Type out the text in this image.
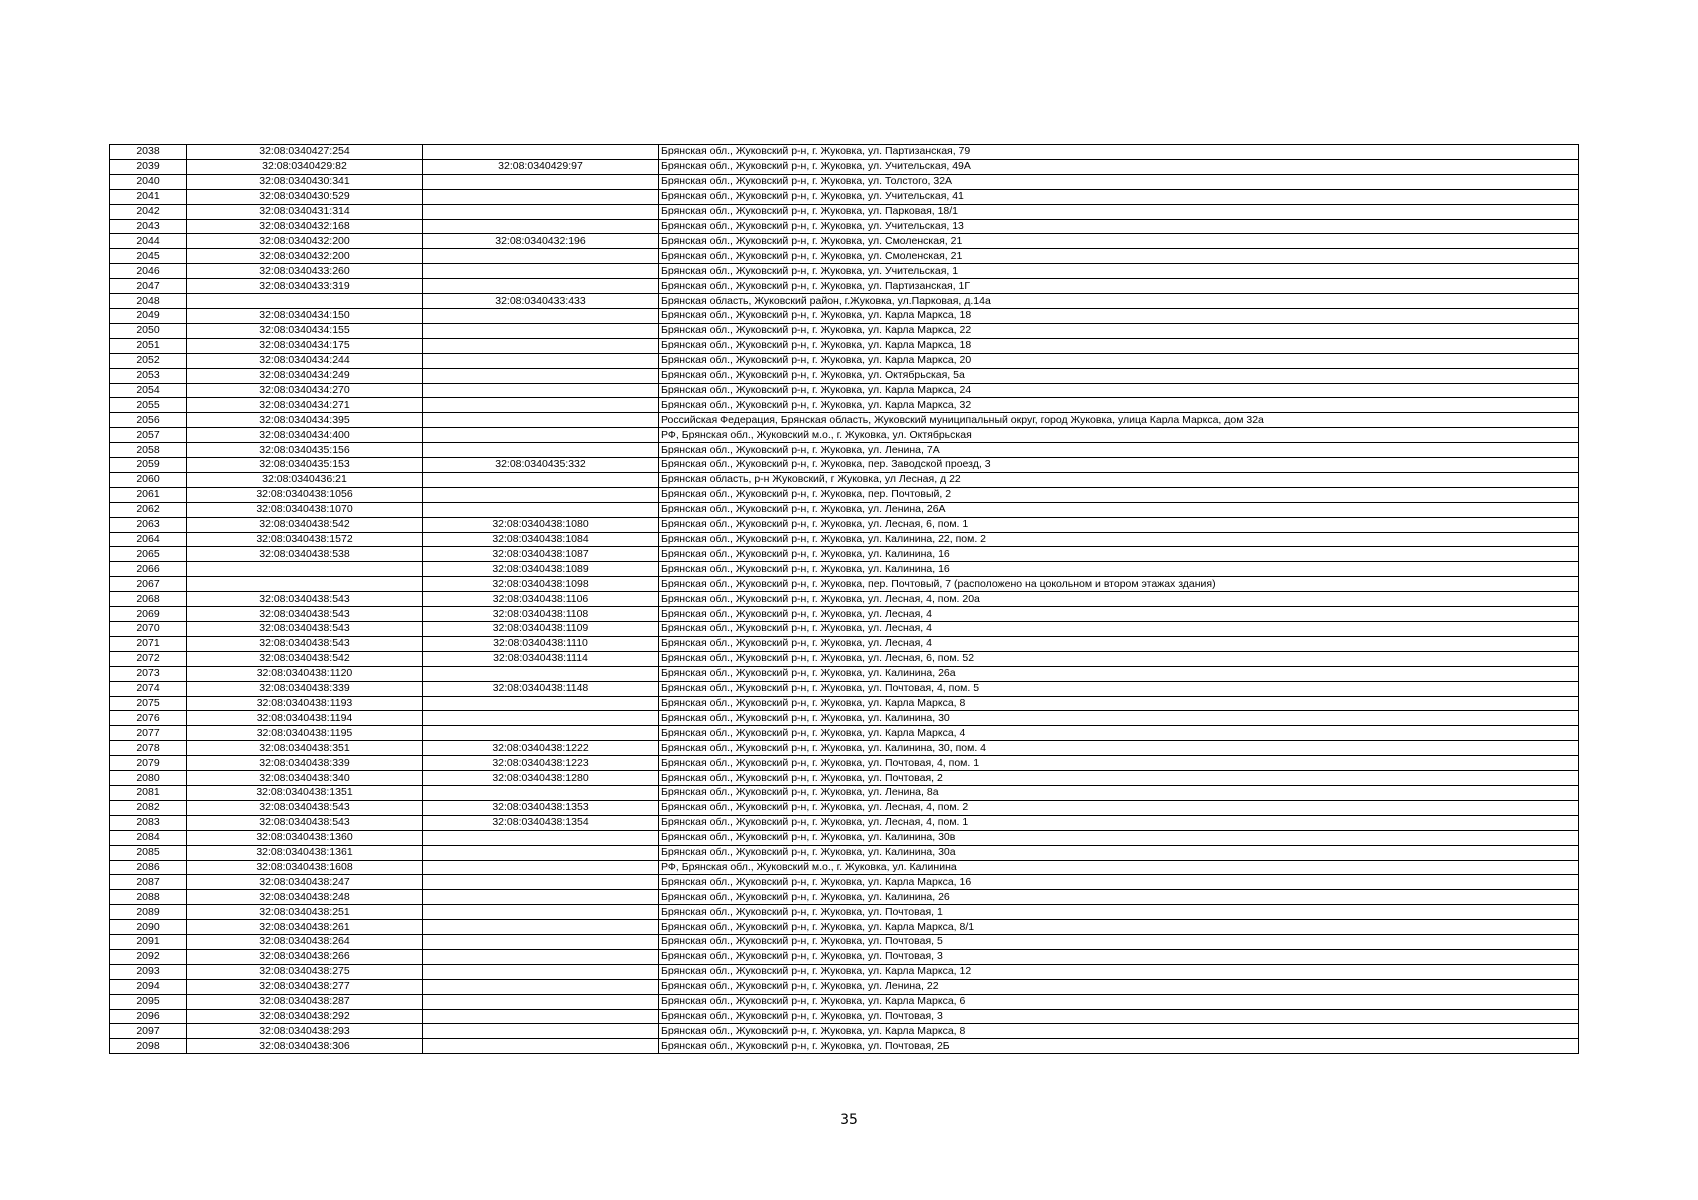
2038	32:08:0340427:254		Брянская обл., Жуковский р-н, г. Жуковка, ул. Партизанская, 79
2039	32:08:0340429:82	32:08:0340429:97	Брянская обл., Жуковский р-н, г. Жуковка, ул. Учительская, 49А
2040	32:08:0340430:341		Брянская обл., Жуковский р-н, г. Жуковка, ул. Толстого, 32А
2041	32:08:0340430:529		Брянская обл., Жуковский р-н, г. Жуковка, ул. Учительская, 41
2042	32:08:0340431:314		Брянская обл., Жуковский р-н, г. Жуковка, ул. Парковая, 18/1
2043	32:08:0340432:168		Брянская обл., Жуковский р-н, г. Жуковка, ул. Учительская, 13
2044	32:08:0340432:200	32:08:0340432:196	Брянская обл., Жуковский р-н, г. Жуковка, ул. Смоленская, 21
2045	32:08:0340432:200		Брянская обл., Жуковский р-н, г. Жуковка, ул. Смоленская, 21
2046	32:08:0340433:260		Брянская обл., Жуковский р-н, г. Жуковка, ул. Учительская, 1
2047	32:08:0340433:319		Брянская обл., Жуковский р-н, г. Жуковка, ул. Партизанская, 1Г
2048		32:08:0340433:433	Брянская область, Жуковский район, г.Жуковка, ул.Парковая, д.14а
2049	32:08:0340434:150		Брянская обл., Жуковский р-н, г. Жуковка, ул. Карла Маркса, 18
2050	32:08:0340434:155		Брянская обл., Жуковский р-н, г. Жуковка, ул. Карла Маркса, 22
2051	32:08:0340434:175		Брянская обл., Жуковский р-н, г. Жуковка, ул. Карла Маркса, 18
2052	32:08:0340434:244		Брянская обл., Жуковский р-н, г. Жуковка, ул. Карла Маркса, 20
2053	32:08:0340434:249		Брянская обл., Жуковский р-н, г. Жуковка, ул. Октябрьская, 5а
2054	32:08:0340434:270		Брянская обл., Жуковский р-н, г. Жуковка, ул. Карла Маркса, 24
2055	32:08:0340434:271		Брянская обл., Жуковский р-н, г. Жуковка, ул. Карла Маркса, 32
2056	32:08:0340434:395		Российская Федерация, Брянская область, Жуковский муниципальный округ, город Жуковка, улица Карла Маркса, дом 32а
2057	32:08:0340434:400		РФ, Брянская обл., Жуковский м.о., г. Жуковка, ул. Октябрьская
2058	32:08:0340435:156		Брянская обл., Жуковский р-н, г. Жуковка, ул. Ленина, 7А
2059	32:08:0340435:153	32:08:0340435:332	Брянская обл., Жуковский р-н, г. Жуковка, пер. Заводской проезд, 3
2060	32:08:0340436:21		Брянская область, р-н Жуковский, г Жуковка, ул Лесная, д 22
2061	32:08:0340438:1056		Брянская обл., Жуковский р-н, г. Жуковка, пер. Почтовый, 2
2062	32:08:0340438:1070		Брянская обл., Жуковский р-н, г. Жуковка, ул. Ленина, 26А
2063	32:08:0340438:542	32:08:0340438:1080	Брянская обл., Жуковский р-н, г. Жуковка, ул. Лесная, 6, пом. 1
2064	32:08:0340438:1572	32:08:0340438:1084	Брянская обл., Жуковский р-н, г. Жуковка, ул. Калинина, 22, пом. 2
2065	32:08:0340438:538	32:08:0340438:1087	Брянская обл., Жуковский р-н, г. Жуковка, ул. Калинина, 16
2066		32:08:0340438:1089	Брянская обл., Жуковский р-н, г. Жуковка, ул. Калинина, 16
2067		32:08:0340438:1098	Брянская обл., Жуковский р-н, г. Жуковка, пер. Почтовый, 7 (расположено на цокольном и втором этажах здания)
2068	32:08:0340438:543	32:08:0340438:1106	Брянская обл., Жуковский р-н, г. Жуковка, ул. Лесная, 4, пом. 20а
2069	32:08:0340438:543	32:08:0340438:1108	Брянская обл., Жуковский р-н, г. Жуковка, ул. Лесная, 4
2070	32:08:0340438:543	32:08:0340438:1109	Брянская обл., Жуковский р-н, г. Жуковка, ул. Лесная, 4
2071	32:08:0340438:543	32:08:0340438:1110	Брянская обл., Жуковский р-н, г. Жуковка, ул. Лесная, 4
2072	32:08:0340438:542	32:08:0340438:1114	Брянская обл., Жуковский р-н, г. Жуковка, ул. Лесная, 6, пом. 52
2073	32:08:0340438:1120		Брянская обл., Жуковский р-н, г. Жуковка, ул. Калинина, 26а
2074	32:08:0340438:339	32:08:0340438:1148	Брянская обл., Жуковский р-н, г. Жуковка, ул. Почтовая, 4, пом. 5
2075	32:08:0340438:1193		Брянская обл., Жуковский р-н, г. Жуковка, ул. Карла Маркса, 8
2076	32:08:0340438:1194		Брянская обл., Жуковский р-н, г. Жуковка, ул. Калинина, 30
2077	32:08:0340438:1195		Брянская обл., Жуковский р-н, г. Жуковка, ул. Карла Маркса, 4
2078	32:08:0340438:351	32:08:0340438:1222	Брянская обл., Жуковский р-н, г. Жуковка, ул. Калинина, 30, пом. 4
2079	32:08:0340438:339	32:08:0340438:1223	Брянская обл., Жуковский р-н, г. Жуковка, ул. Почтовая, 4, пом. 1
2080	32:08:0340438:340	32:08:0340438:1280	Брянская обл., Жуковский р-н, г. Жуковка, ул. Почтовая, 2
2081	32:08:0340438:1351		Брянская обл., Жуковский р-н, г. Жуковка, ул. Ленина, 8а
2082	32:08:0340438:543	32:08:0340438:1353	Брянская обл., Жуковский р-н, г. Жуковка, ул. Лесная, 4, пом. 2
2083	32:08:0340438:543	32:08:0340438:1354	Брянская обл., Жуковский р-н, г. Жуковка, ул. Лесная, 4, пом. 1
2084	32:08:0340438:1360		Брянская обл., Жуковский р-н, г. Жуковка, ул. Калинина, 30в
2085	32:08:0340438:1361		Брянская обл., Жуковский р-н, г. Жуковка, ул. Калинина, 30а
2086	32:08:0340438:1608		РФ, Брянская обл., Жуковский м.о., г. Жуковка, ул. Калинина
2087	32:08:0340438:247		Брянская обл., Жуковский р-н, г. Жуковка, ул. Карла Маркса, 16
2088	32:08:0340438:248		Брянская обл., Жуковский р-н, г. Жуковка, ул. Калинина, 26
2089	32:08:0340438:251		Брянская обл., Жуковский р-н, г. Жуковка, ул. Почтовая, 1
2090	32:08:0340438:261		Брянская обл., Жуковский р-н, г. Жуковка, ул. Карла Маркса, 8/1
2091	32:08:0340438:264		Брянская обл., Жуковский р-н, г. Жуковка, ул. Почтовая, 5
2092	32:08:0340438:266		Брянская обл., Жуковский р-н, г. Жуковка, ул. Почтовая, 3
2093	32:08:0340438:275		Брянская обл., Жуковский р-н, г. Жуковка, ул. Карла Маркса, 12
2094	32:08:0340438:277		Брянская обл., Жуковский р-н, г. Жуковка, ул. Ленина, 22
2095	32:08:0340438:287		Брянская обл., Жуковский р-н, г. Жуковка, ул. Карла Маркса, 6
2096	32:08:0340438:292		Брянская обл., Жуковский р-н, г. Жуковка, ул. Почтовая, 3
2097	32:08:0340438:293		Брянская обл., Жуковский р-н, г. Жуковка, ул. Карла Маркса, 8
2098	32:08:0340438:306		Брянская обл., Жуковский р-н, г. Жуковка, ул. Почтовая, 2Б
35
